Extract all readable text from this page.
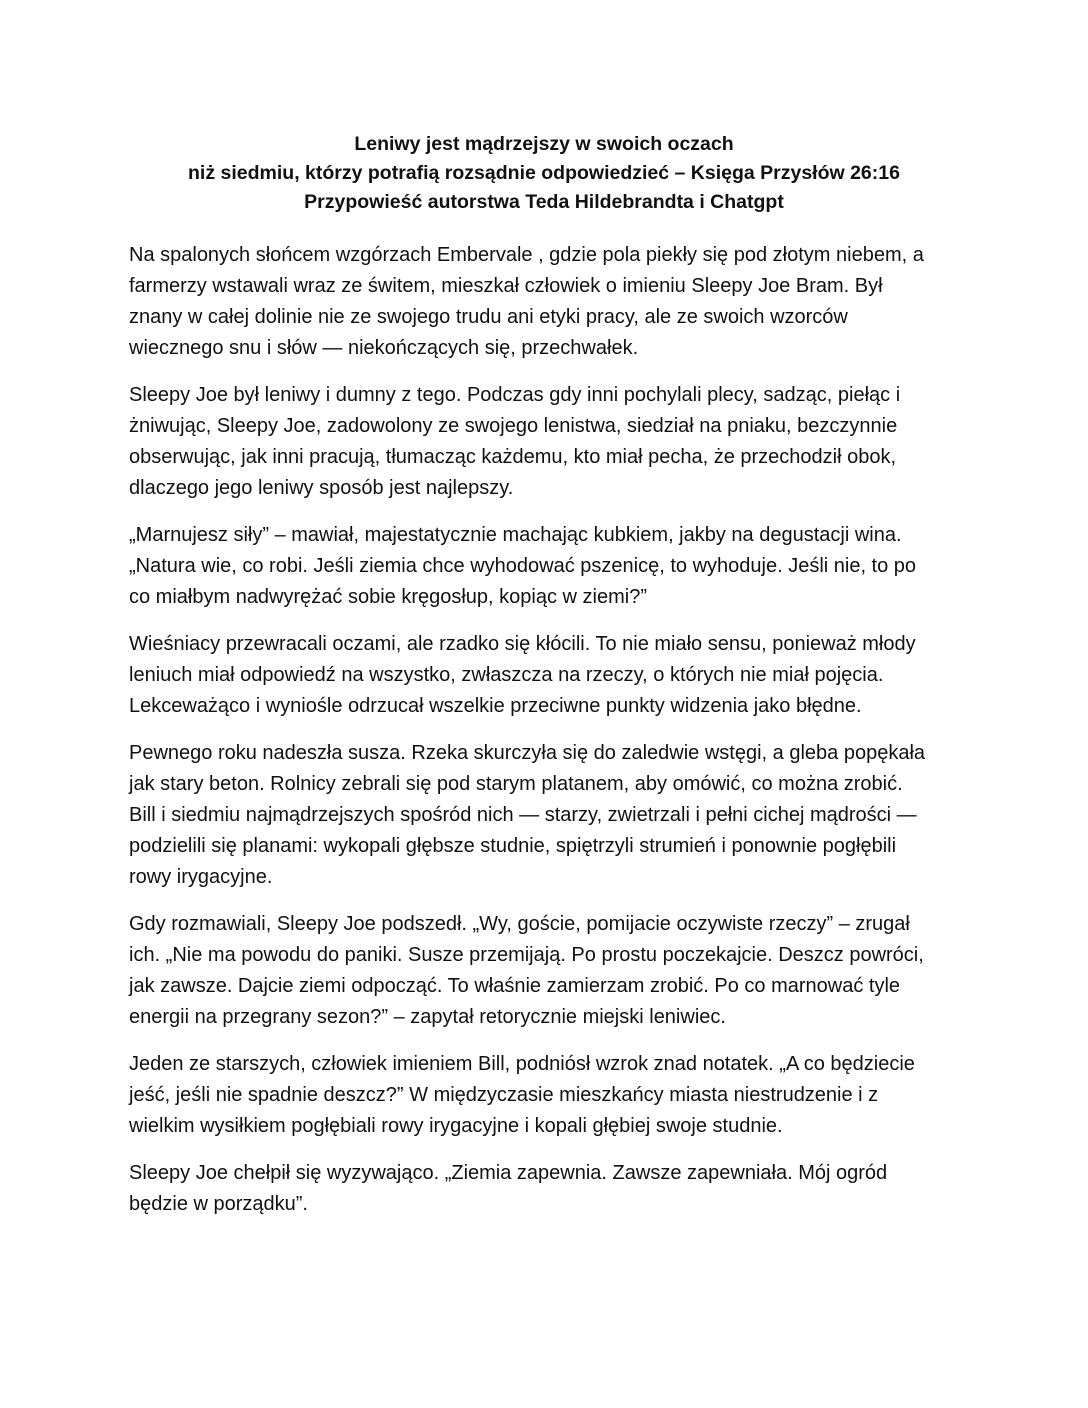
Leniwy jest mądrzejszy w swoich oczach
niż siedmiu, którzy potrafią rozsądnie odpowiedzieć – Księga Przysłów 26:16
Przypowieść autorstwa Teda Hildebrandta i Chatgpt
Na spalonych słońcem wzgórzach Embervale , gdzie pola piekły się pod złotym niebem, a
farmerzy wstawali wraz ze świtem, mieszkał człowiek o imieniu Sleepy Joe Bram. Był
znany w całej dolinie nie ze swojego trudu ani etyki pracy, ale ze swoich wzorców
wiecznego snu i słów — niekończących się, przechwałek.
Sleepy Joe był leniwy i dumny z tego. Podczas gdy inni pochylali plecy, sadząc, piełąc i
żniwując, Sleepy Joe, zadowolony ze swojego lenistwa, siedział na pniaku, bezczynnie
obserwując, jak inni pracują, tłumacząc każdemu, kto miał pecha, że przechodził obok,
dlaczego jego leniwy sposób jest najlepszy.
„Marnujesz siły” – mawiał, majestatycznie machając kubkiem, jakby na degustacji wina.
„Natura wie, co robi. Jeśli ziemia chce wyhodować pszenicę, to wyhoduje. Jeśli nie, to po
co miałbym nadwyrężać sobie kręgosłup, kopiąc w ziemi?”
Wieśniacy przewracali oczami, ale rzadko się kłócili. To nie miało sensu, ponieważ młody
leniuch miał odpowiedź na wszystko, zwłaszcza na rzeczy, o których nie miał pojęcia.
Lekceważąco i wyniośle odrzucał wszelkie przeciwne punkty widzenia jako błędne.
Pewnego roku nadeszła susza. Rzeka skurczyła się do zaledwie wstęgi, a gleba popękała
jak stary beton. Rolnicy zebrali się pod starym platanem, aby omówić, co można zrobić.
Bill i siedmiu najmądrzejszych spośród nich — starzy, zwietrzali i pełni cichej mądrości —
podzielili się planami: wykopali głębsze studnie, spiętrzyli strumień i ponownie pogłębili
rowy irygacyjne.
Gdy rozmawiali, Sleepy Joe podszedł. „Wy, goście, pomijacie oczywiste rzeczy” – zrugał
ich. „Nie ma powodu do paniki. Susze przemijają. Po prostu poczekajcie. Deszcz powróci,
jak zawsze. Dajcie ziemi odpocząć. To właśnie zamierzam zrobić. Po co marnować tyle
energii na przegrany sezon?” – zapytał retorycznie miejski leniwiec.
Jeden ze starszych, człowiek imieniem Bill, podniósł wzrok znad notatek. „A co będziecie
jeść, jeśli nie spadnie deszcz?” W międzyczasie mieszkańcy miasta niestrudzenie i z
wielkim wysiłkiem pogłębiali rowy irygacyjne i kopali głębiej swoje studnie.
Sleepy Joe chełpił się wyzywająco. „Ziemia zapewnia. Zawsze zapewniała. Mój ogród
będzie w porządku”.
